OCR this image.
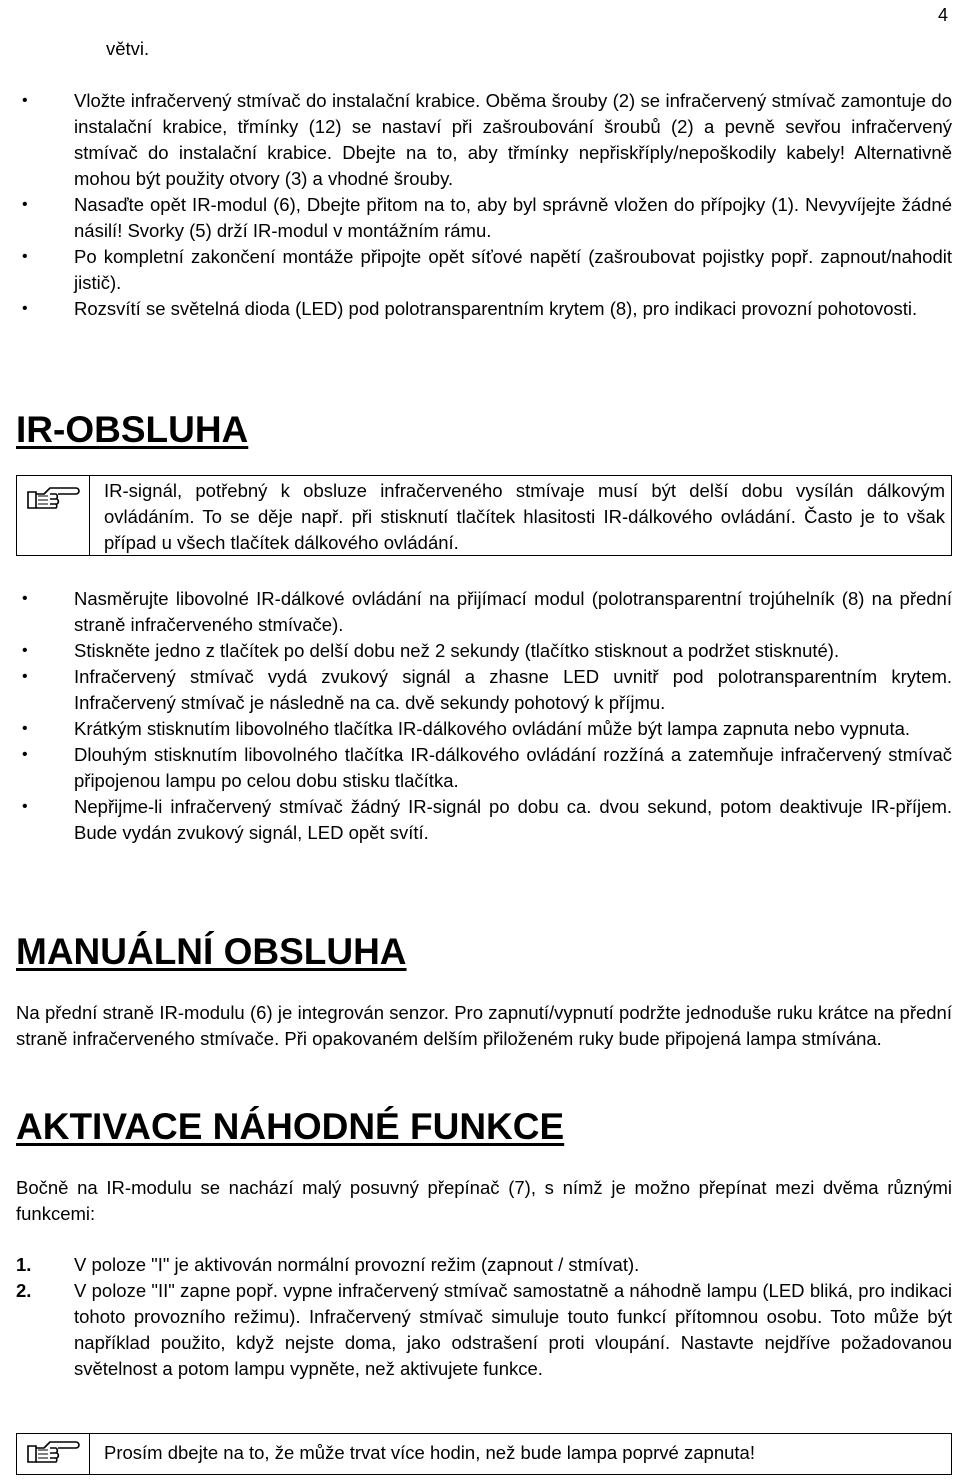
4

větvi.

• Vložte infračervený stmívač do instalační krabice. Oběma šrouby (2) se infračervený stmívač zamontuje do instalační krabice, třmínky (12) se nastaví při zašroubování šroubů (2) a pevně sevřou infračervený stmívač do instalační krabice. Dbejte na to, aby třmínky nepřiskříply/nepoškodily kabely! Alternativně mohou být použity otvory (3) a vhodné šrouby.
• Nasaďte opět IR-modul (6), Dbejte přitom na to, aby byl správně vložen do přípojky (1). Nevyvíjejte žádné násilí! Svorky (5) drží IR-modul v montážním rámu.
• Po kompletní zakončení montáže připojte opět síťové napětí (zašroubovat pojistky popř. zapnout/nahodit jistič).
• Rozsvítí se světelná dioda (LED) pod polotransparentním krytem (8), pro indikaci provozní pohotovosti.
IR-OBSLUHA
IR-signál, potřebný k obsluze infračerveného stmívaje musí být delší dobu vysílán dálkovým ovládáním. To se děje např. při stisknutí tlačítek hlasitosti IR-dálkového ovládání. Často je to však případ u všech tlačítek dálkového ovládání.
• Nasměrujte libovolné IR-dálkové ovládání na přijímací modul (polotransparentní trojúhelník (8) na přední straně infračerveného stmívače).
• Stiskněte jedno z tlačítek po delší dobu než 2 sekundy (tlačítko stisknout a podržet stisknuté).
• Infračervený stmívač vydá zvukový signál a zhasne LED uvnitř pod polotransparentním krytem. Infračervený stmívač je následně na ca. dvě sekundy pohotový k příjmu.
• Krátkým stisknutím libovolného tlačítka IR-dálkového ovládání může být lampa zapnuta nebo vypnuta.
• Dlouhým stisknutím libovolného tlačítka IR-dálkového ovládání rozžíná a zatemňuje infračervený stmívač připojenou lampu po celou dobu stisku tlačítka.
• Nepřijme-li infračervený stmívač žádný IR-signál po dobu ca. dvou sekund, potom deaktivuje IR-příjem. Bude vydán zvukový signál, LED opět svítí.
MANUÁLNÍ OBSLUHA

Na přední straně IR-modulu (6) je integrován senzor. Pro zapnutí/vypnutí podržte jednoduše ruku krátce na přední straně infračerveného stmívače. Při opakovaném delším přiloženém ruky bude připojená lampa stmívána.

AKTIVACE NÁHODNÉ FUNKCE

Bočně na IR-modulu se nachází malý posuvný přepínač (7), s nímž je možno přepínat mezi dvěma různými funkcemi:

1. V poloze "I" je aktivován normální provozní režim (zapnout / stmívat).
2. V poloze "II" zapne popř. vypne infračervený stmívač samostatně a náhodně lampu (LED bliká, pro indikaci tohoto provozního režimu). Infračervený stmívač simuluje touto funkcí přítomnou osobu. Toto může být například použito, když nejste doma, jako odstrašení proti vloupání. Nastavte nejdříve požadovanou světelnost a potom lampu vypněte, než aktivujete funkce.
Prosím dbejte na to, že může trvat více hodin, než bude lampa poprvé zapnuta!
